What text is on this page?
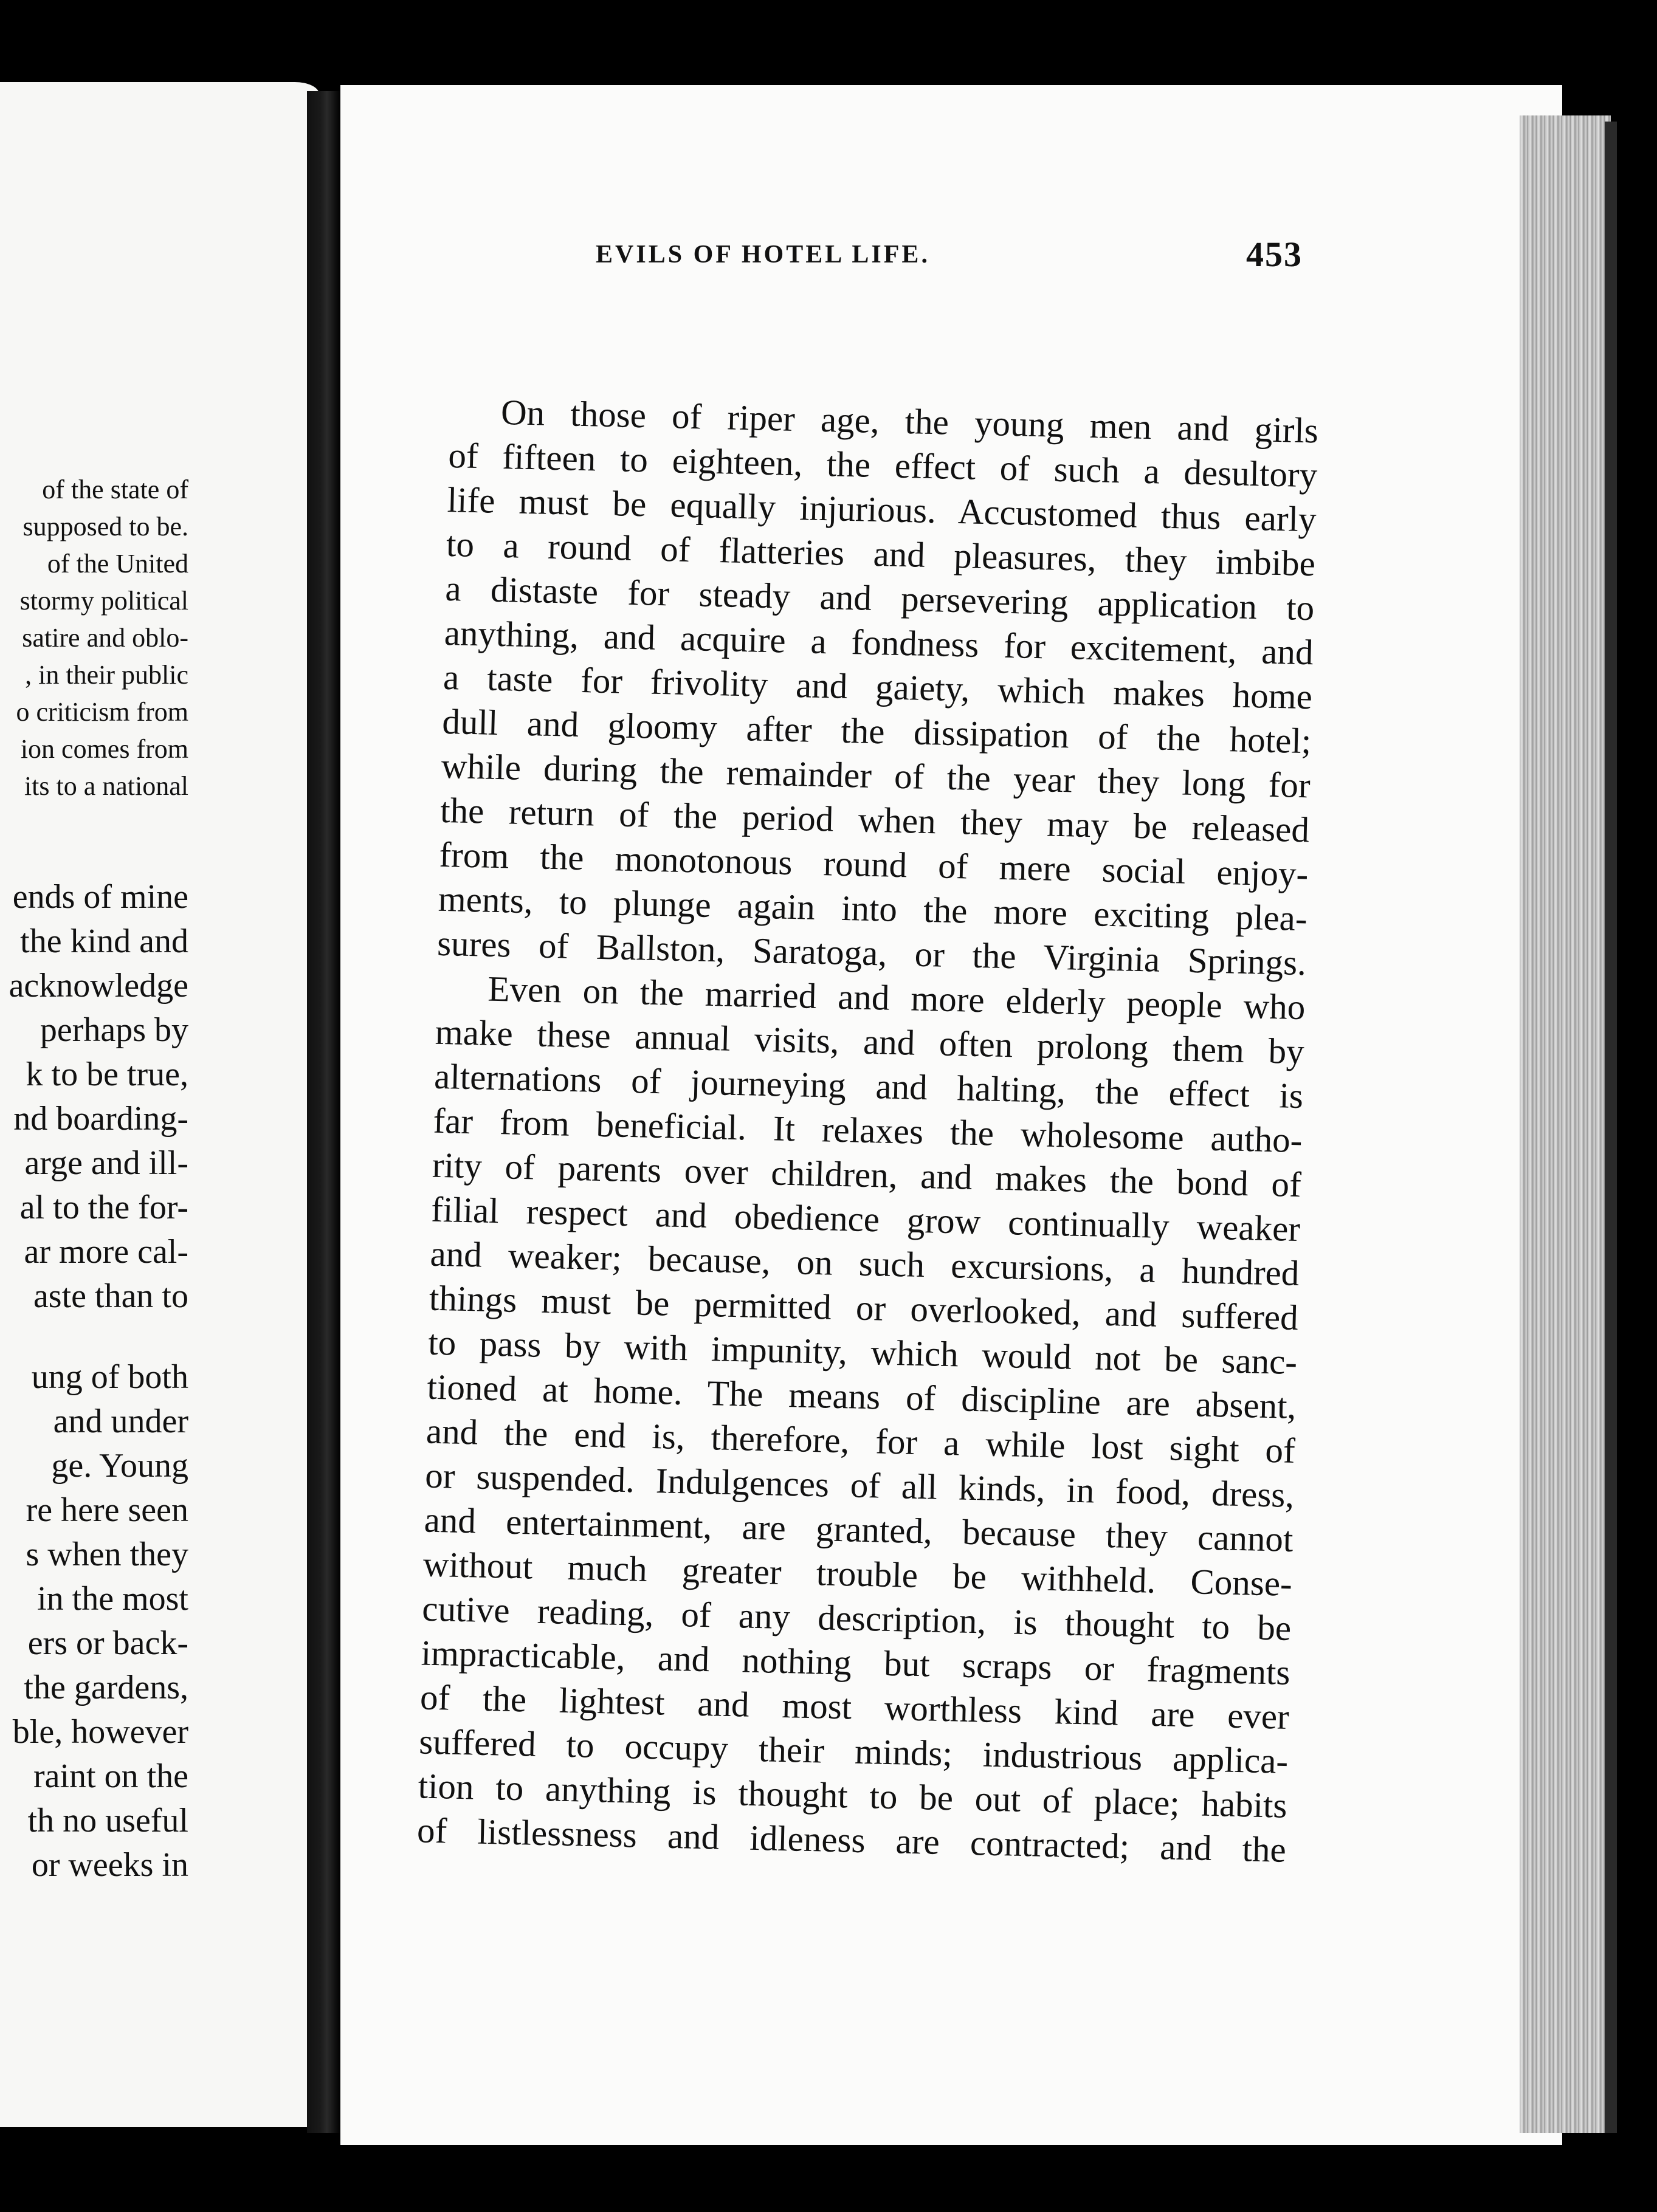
of the state of
supposed to be.
of the United
stormy political
satire and oblo-
, in their public
o criticism from
ion comes from
its to a national
ends of mine
the kind and
acknowledge
perhaps by
k to be true,
nd boarding-
arge and ill-
al to the for-
ar more cal-
aste than to
ung of both
and under
ge. Young
re here seen
s when they
in the most
ers or back-
the gardens,
ble, however
raint on the
th no useful
or weeks in
EVILS OF HOTEL LIFE.	453
On those of riper age, the young men and girls
of fifteen to eighteen, the effect of such a desultory
life must be equally injurious. Accustomed thus early
to a round of flatteries and pleasures, they imbibe
a distaste for steady and persevering application to
anything, and acquire a fondness for excitement, and
a taste for frivolity and gaiety, which makes home
dull and gloomy after the dissipation of the hotel;
while during the remainder of the year they long for
the return of the period when they may be released
from the monotonous round of mere social enjoy-
ments, to plunge again into the more exciting plea-
sures of Ballston, Saratoga, or the Virginia Springs.
Even on the married and more elderly people who
make these annual visits, and often prolong them by
alternations of journeying and halting, the effect is
far from beneficial. It relaxes the wholesome autho-
rity of parents over children, and makes the bond of
filial respect and obedience grow continually weaker
and weaker; because, on such excursions, a hundred
things must be permitted or overlooked, and suffered
to pass by with impunity, which would not be sanc-
tioned at home. The means of discipline are absent,
and the end is, therefore, for a while lost sight of
or suspended. Indulgences of all kinds, in food, dress,
and entertainment, are granted, because they cannot
without much greater trouble be withheld. Conse-
cutive reading, of any description, is thought to be
impracticable, and nothing but scraps or fragments
of the lightest and most worthless kind are ever
suffered to occupy their minds; industrious applica-
tion to anything is thought to be out of place; habits
of listlessness and idleness are contracted; and the
